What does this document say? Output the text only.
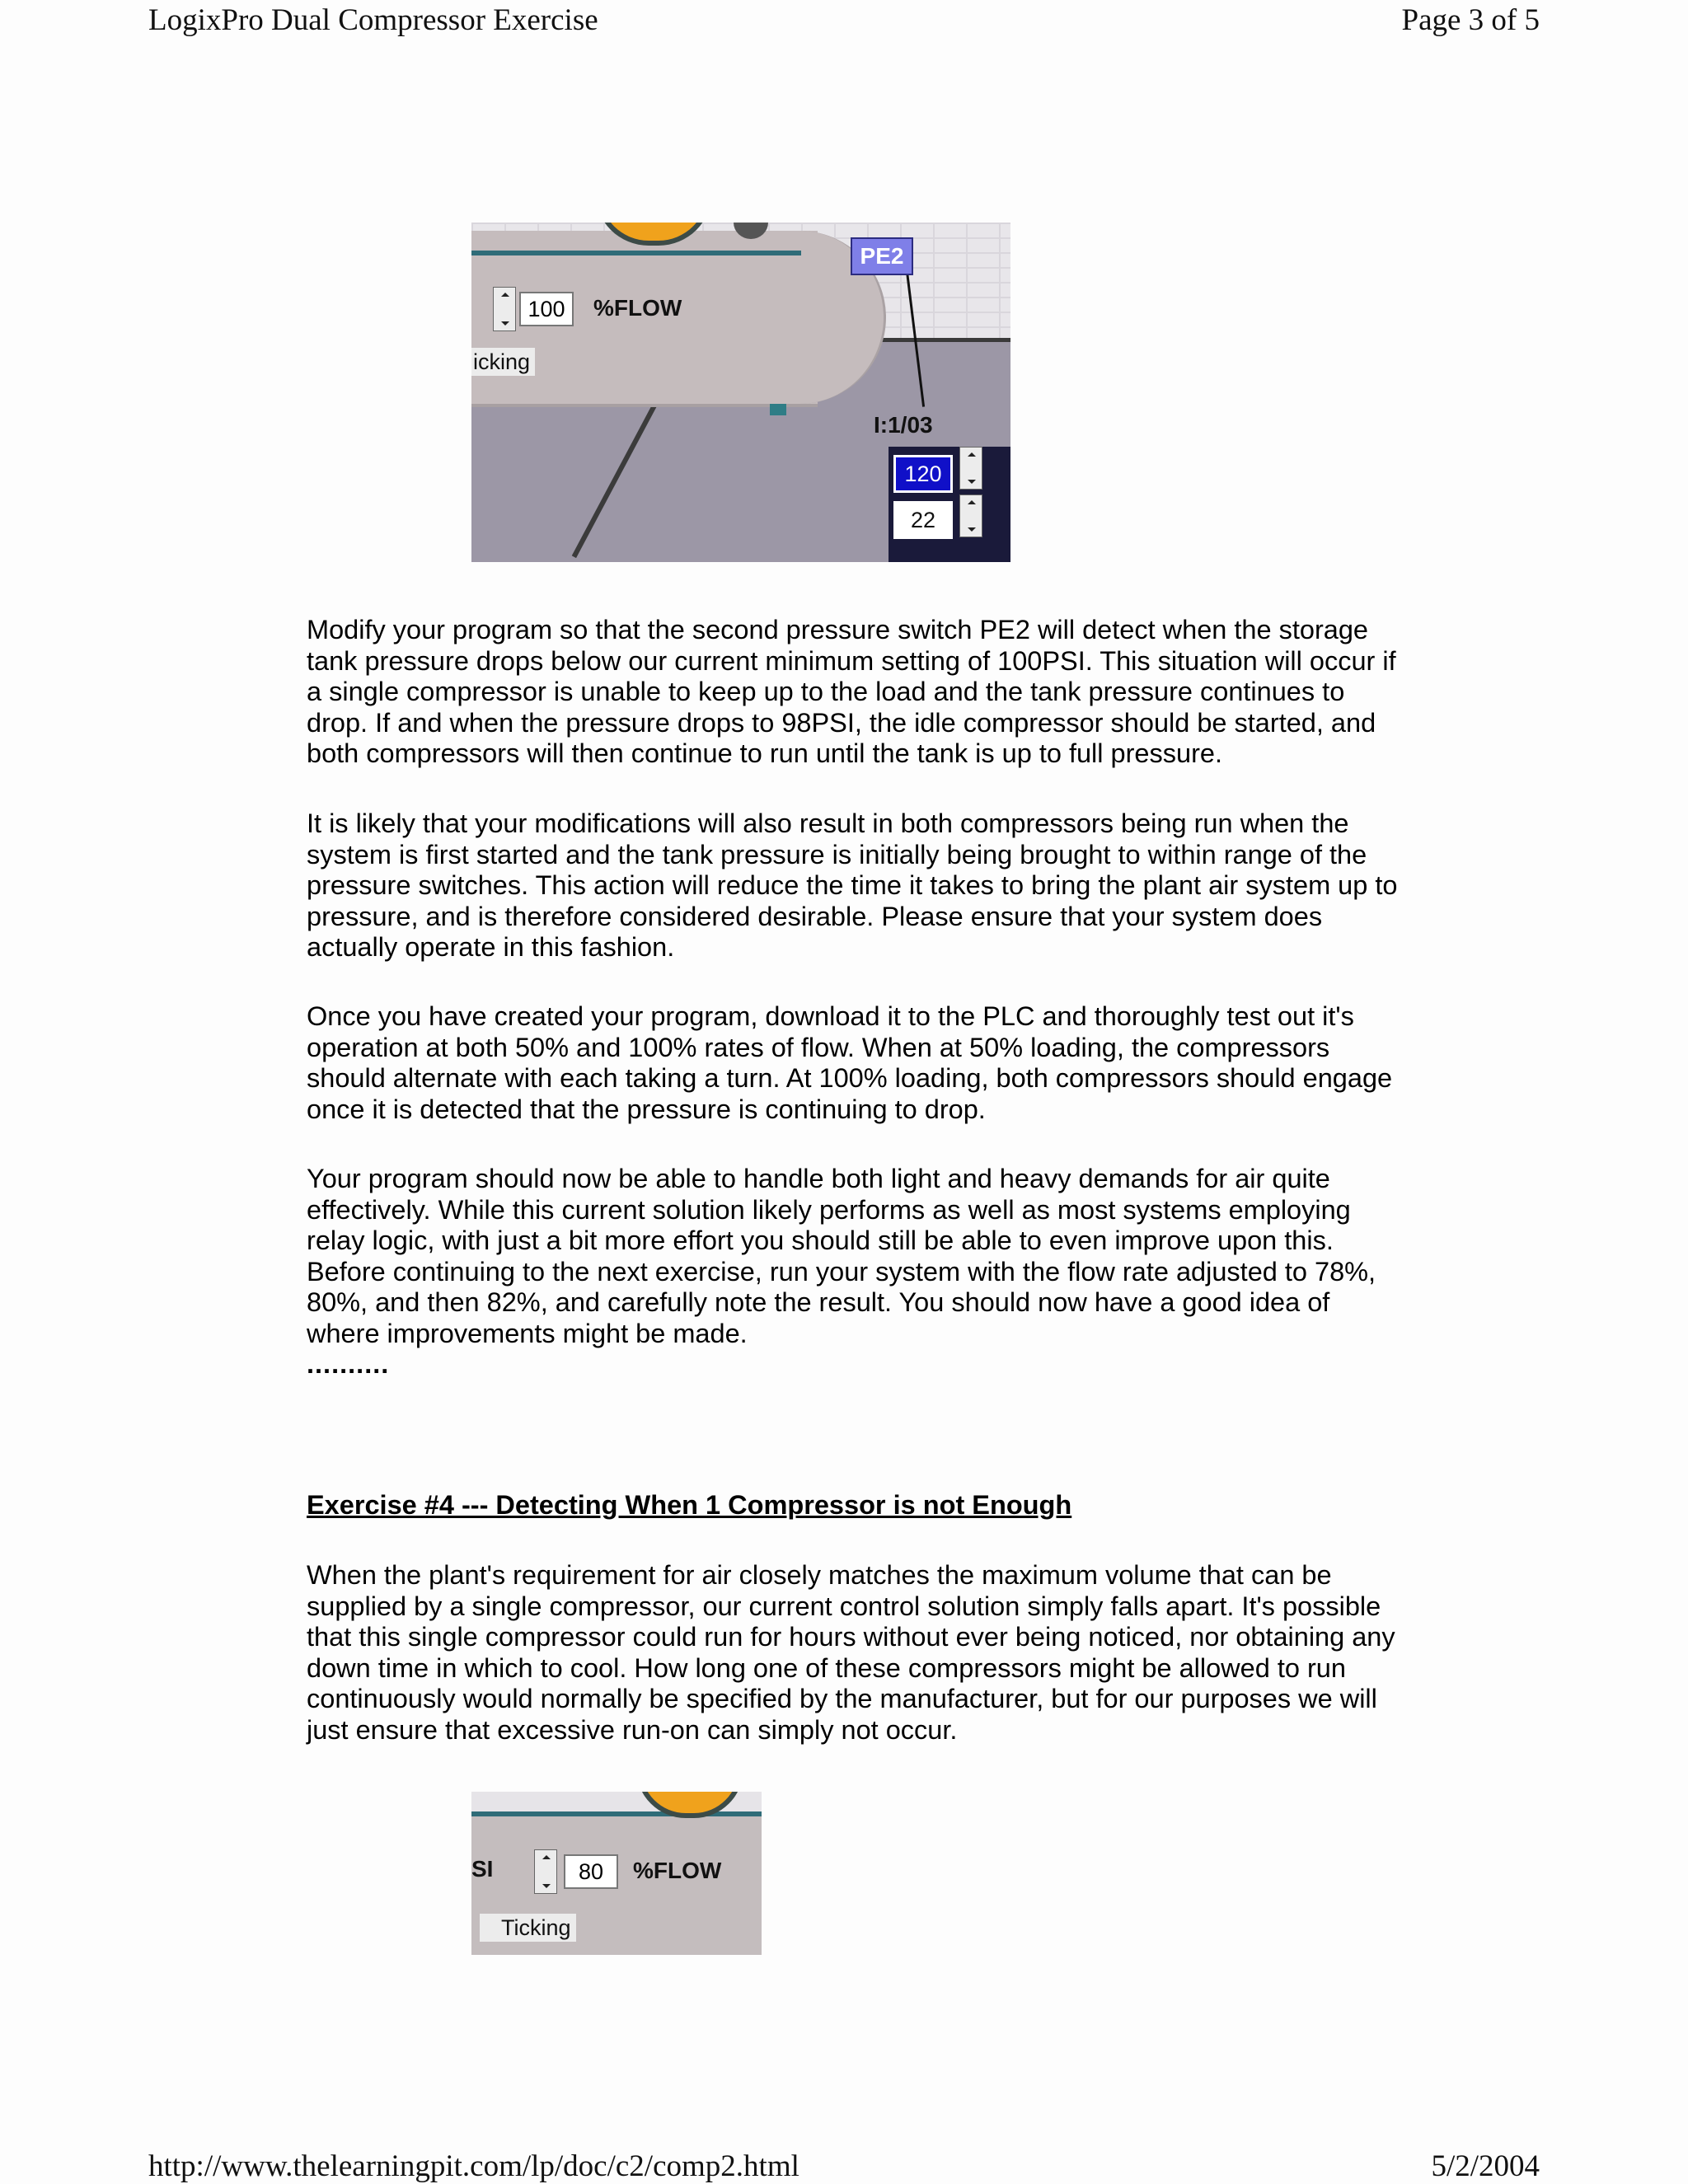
LogixPro Dual Compressor Exercise	Page 3 of 5
100	%FLOW
icking
PE2
I:1/03
120
22

Modify your program so that the second pressure switch PE2 will detect when the storage

tank pressure drops below our current minimum setting of 100PSI. This situation will occur if

a single compressor is unable to keep up to the load and the tank pressure continues to

drop. If and when the pressure drops to 98PSI, the idle compressor should be started, and

both compressors will then continue to run until the tank is up to full pressure.

It is likely that your modifications will also result in both compressors being run when the

system is first started and the tank pressure is initially being brought to within range of the

pressure switches. This action will reduce the time it takes to bring the plant air system up to

pressure, and is therefore considered desirable. Please ensure that your system does

actually operate in this fashion.

Once you have created your program, download it to the PLC and thoroughly test out it's

operation at both 50% and 100% rates of flow. When at 50% loading, the compressors

should alternate with each taking a turn. At 100% loading, both compressors should engage

once it is detected that the pressure is continuing to drop.

Your program should now be able to handle both light and heavy demands for air quite

effectively. While this current solution likely performs as well as most systems employing

relay logic, with just a bit more effort you should still be able to even improve upon this.

Before continuing to the next exercise, run your system with the flow rate adjusted to 78%,

80%, and then 82%, and carefully note the result. You should now have a good idea of

where improvements might be made.

..........

Exercise #4 --- Detecting When 1 Compressor is not Enough

When the plant's requirement for air closely matches the maximum volume that can be

supplied by a single compressor, our current control solution simply falls apart. It's possible

that this single compressor could run for hours without ever being noticed, nor obtaining any

down time in which to cool. How long one of these compressors might be allowed to run

continuously would normally be specified by the manufacturer, but for our purposes we will

just ensure that excessive run-on can simply not occur.

SI	80	%FLOW
Ticking
http://www.thelearningpit.com/lp/doc/c2/comp2.html	5/2/2004
